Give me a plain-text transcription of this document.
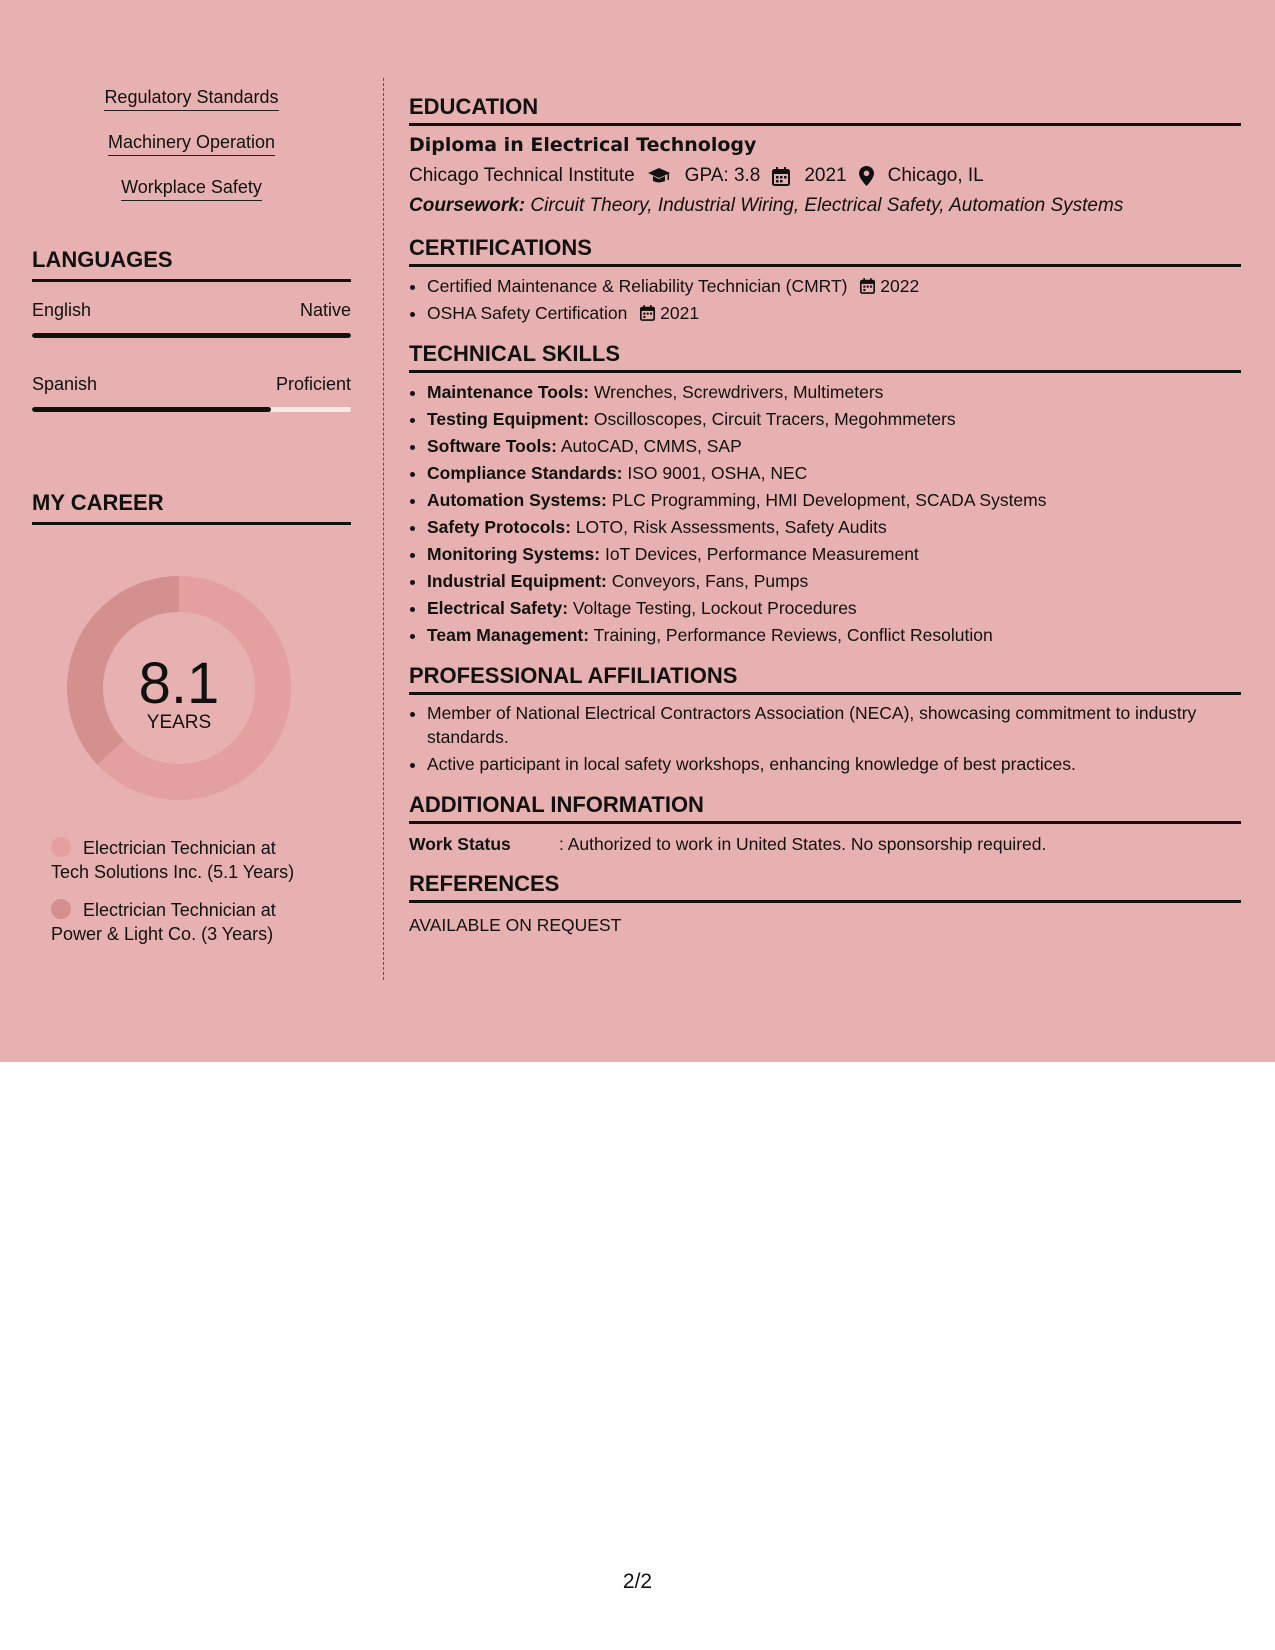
Regulatory Standards
Machinery Operation
Workplace Safety
LANGUAGES
English	Native
Spanish	Proficient
MY CAREER
8.1
YEARS
Electrician Technician at
Tech Solutions Inc. (5.1 Years)
Electrician Technician at
Power & Light Co. (3 Years)
EDUCATION
Diploma in Electrical Technology
Chicago Technical Institute	GPA: 3.8 2021 Chicago, IL
Coursework: Circuit Theory, Industrial Wiring, Electrical Safety, Automation Systems
CERTIFICATIONS
• Certified Maintenance & Reliability Technician (CMRT) 2022
• OSHA Safety Certification 2021
TECHNICAL SKILLS
• Maintenance Tools: Wrenches, Screwdrivers, Multimeters
• Testing Equipment: Oscilloscopes, Circuit Tracers, Megohmmeters
• Software Tools: AutoCAD, CMMS, SAP
• Compliance Standards: ISO 9001, OSHA, NEC
• Automation Systems: PLC Programming, HMI Development, SCADA Systems
• Safety Protocols: LOTO, Risk Assessments, Safety Audits
• Monitoring Systems: IoT Devices, Performance Measurement
• Industrial Equipment: Conveyors, Fans, Pumps
• Electrical Safety: Voltage Testing, Lockout Procedures
• Team Management: Training, Performance Reviews, Conflict Resolution
PROFESSIONAL AFFILIATIONS
• Member of National Electrical Contractors Association (NECA), showcasing commitment to industry standards.
• Active participant in local safety workshops, enhancing knowledge of best practices.
ADDITIONAL INFORMATION
Work Status	: Authorized to work in United States. No sponsorship required.
REFERENCES
AVAILABLE ON REQUEST
2/2
